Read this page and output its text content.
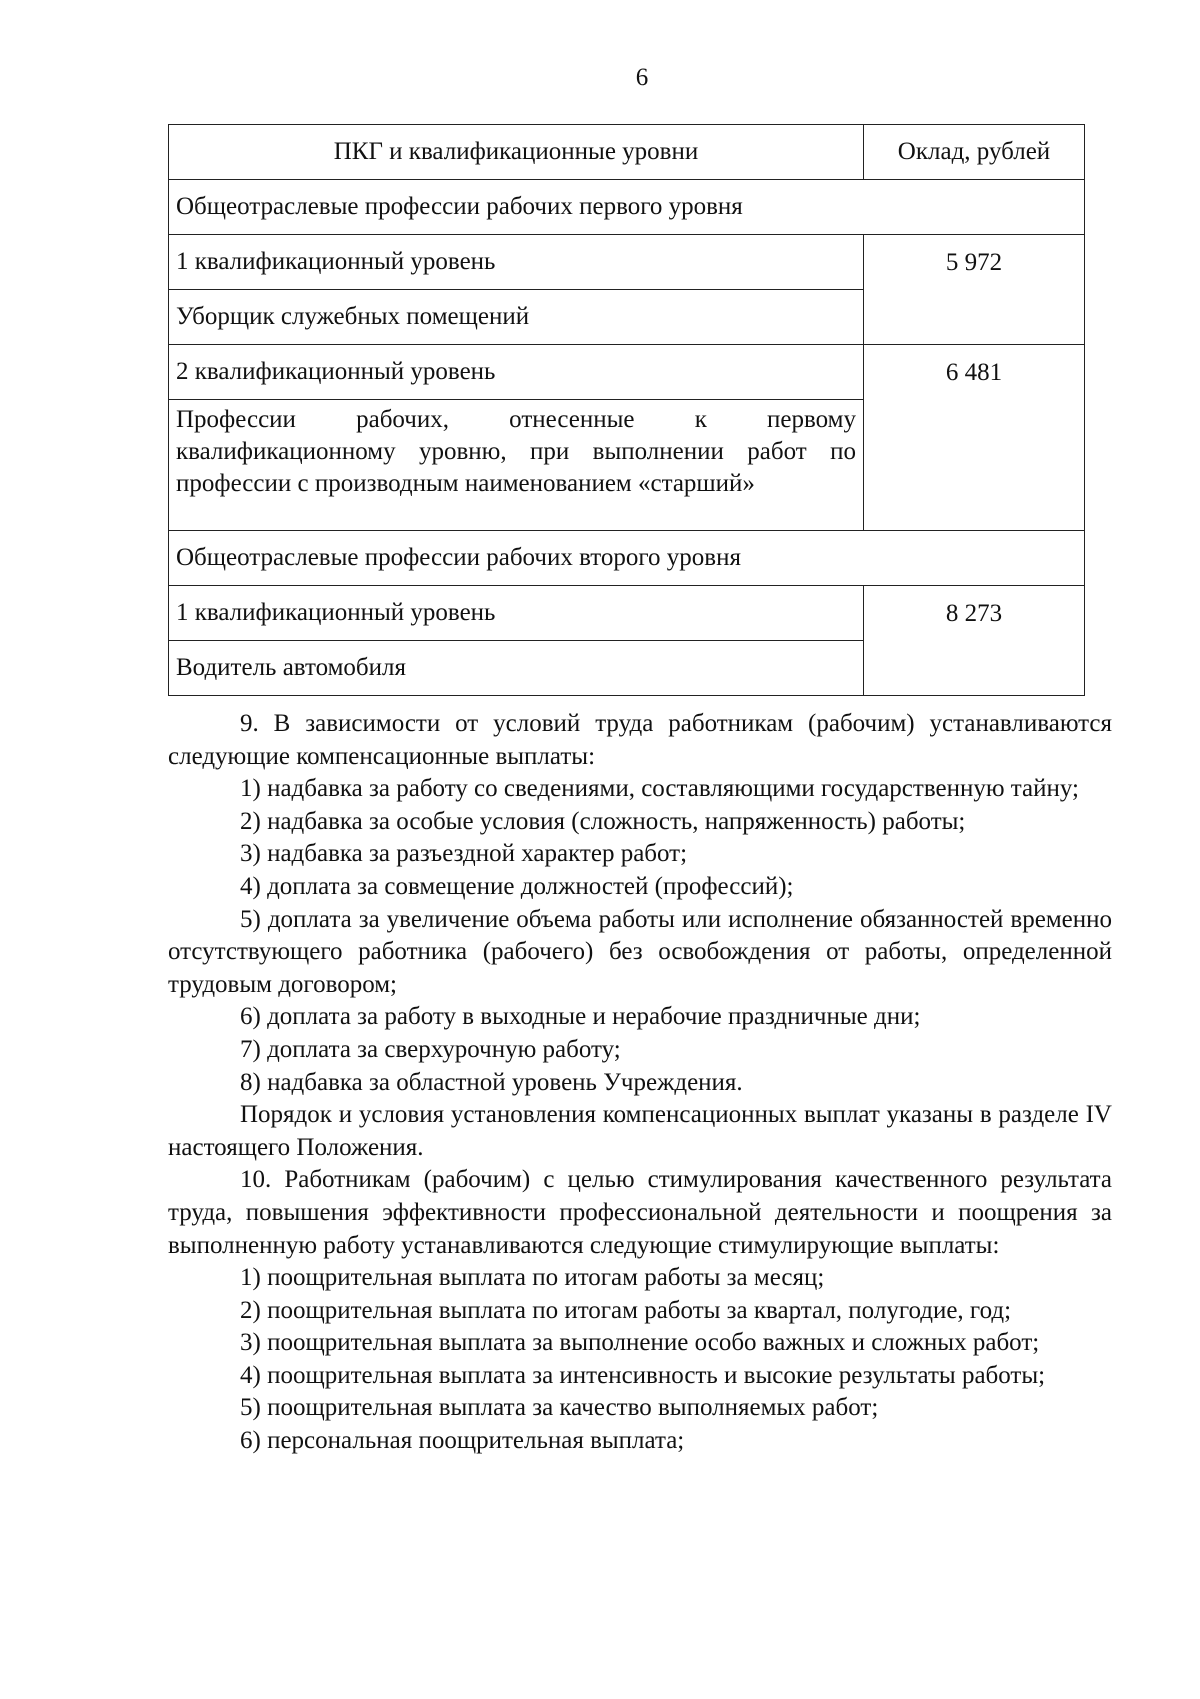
6
ПКГ и квалификационные уровни	Оклад, рублей
Общеотраслевые профессии рабочих первого уровня	
1 квалификационный уровень	5 972
Уборщик служебных помещений	
2 квалификационный уровень	6 481
Профессии рабочих, отнесенные к первому квалификационному уровню, при выполнении работ по профессии с производным наименованием «старший»	
Общеотраслевые профессии рабочих второго уровня	
1 квалификационный уровень	8 273
Водитель автомобиля	

9. В зависимости от условий труда работникам (рабочим) устанавливаются следующие компенсационные выплаты:

1) надбавка за работу со сведениями, составляющими государственную тайну;

2) надбавка за особые условия (сложность, напряженность) работы;

3) надбавка за разъездной характер работ;

4) доплата за совмещение должностей (профессий);

5) доплата за увеличение объема работы или исполнение обязанностей временно отсутствующего работника (рабочего) без освобождения от работы, определенной трудовым договором;

6) доплата за работу в выходные и нерабочие праздничные дни;

7) доплата за сверхурочную работу;

8) надбавка за областной уровень Учреждения.

Порядок и условия установления компенсационных выплат указаны в разделе IV настоящего Положения.

10. Работникам (рабочим) с целью стимулирования качественного результата труда, повышения эффективности профессиональной деятельности и поощрения за выполненную работу устанавливаются следующие стимулирующие выплаты:

1) поощрительная выплата по итогам работы за месяц;

2) поощрительная выплата по итогам работы за квартал, полугодие, год;

3) поощрительная выплата за выполнение особо важных и сложных работ;

4) поощрительная выплата за интенсивность и высокие результаты работы;

5) поощрительная выплата за качество выполняемых работ;

6) персональная поощрительная выплата;
